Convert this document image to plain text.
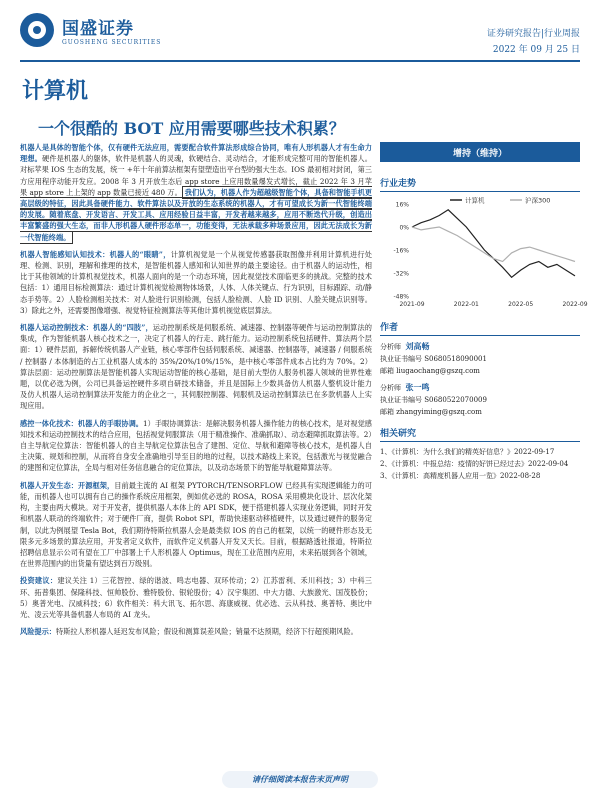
国盛证券
GUOSHENG SECURITIES
证券研究报告|行业周报
2022 年 09 月 25 日
计算机
一个很酷的 BOT 应用需要哪些技术积累？

机器人是具体的智能个体，仅有硬件无法应用，需要配合软件算法形成综合协同，唯有人形机器人才有生命力理想。硬件是机器人的躯体，软件是机器人的灵魂，软硬结合、灵动结合，才能形成完整可用的智能机器人。对标苹果 IOS 生态的发展，统一 +年十年前算法框架有望塑造出平台型的强大生态。IOS 最初相对封闭，第三方应用程序动能开发应。2008 年 3 月开放生态后 app store 上应用数量爆发式增长，截止 2022 年 3 月苹果 app store 上上架的 app 数量已接近 480 万。 我们认为，机器人作为超越级智能个体，具备和智能手机更高层级的特征，因此具备硬件能力、软件算法以及开放的生态系统的机器人，才有可望成长为新一代智能终端的发展。随着底盘、开发语言、开发工具、应用经验日益丰富，开发者越来越多，应用不断迭代升级，创造出丰富繁盛的强大生态，而非人形机器人硬件形态单一，功能变得，无法承载多种场景应用，因此无法成长为新一代智能终端。

机器人智能感知认知技术：机器人的“眼睛”，计算机视觉是一个从视觉传感器获取图像并利用计算机进行处理、检测、识别，理解和推理的技术，是智能机器人感知和认知世界的最主要途径。由于机器人的运动性，相比于其他领域的计算机视觉技术，机器人面向的是一个动态环境，因此视觉技术面临更多的挑战。完整的技术包括：1）通用目标检测算法：通过计算机视觉检测物体场景，人体、人体关键点、行为识别，目标跟踪、动/静态手势等。2）人脸检测相关技术：对人脸进行识别检测，包括人脸检测、人脸 ID 识别、人脸关键点识别等。3）除此之外，还需要图像增强、视觉特征检测算法等其他计算机视觉底层算法。

机器人运动控制技术：机器人的“四肢”，运动控制系统是伺服系统、减速器、控制器等硬件与运动控制算法的集成，作为智能机器人核心技术之一，决定了机器人的行走、跳行能力。运动控制系统包括硬件、算法两个层面：1）硬件层面，拆解传统机器人产业链，核心零部件包括伺服系统、减速器、控制器等，减速器 / 伺服系统 / 控制器 / 本体制造的占工业机器人成本的 35%/20%/10%/15%，是中核心零部件成本占比约为 70%。2）算法层面：运动控制算法是智能机器人实现运动智能的核心基础，是目前大型仿人服务机器人领域的世界性难题，以优必选为例，公司已具备运控硬件多项自研技术储备，并且是国际上少数具备仿人机器人整机设计能力及仿人机器人运动控制算法开发能力的企业之一，其伺服控制器、伺服机及运动控制算法已在多款机器人上实现应用。

感控一体化技术：机器人的手眼协调。1）手眼协调算法：是解决服务机器人操作能力的核心技术，是对视觉感知技术和运动控制技术的结合应用，包括视觉伺服算法（用于精准操作、准确抓取）、动态避障抓取算法等。2）自主导航定位算法：智能机器人的自主导航定位算法包含了建图、定位、导航和避障等核心技术，是机器人自主决策、规划和控制，从而将自身安全准确地引导至目的地的过程，以技术路线上来说，包括激光与视觉融合的建图和定位算法，全局与相对任务信息融合的定位算法，以及动态场景下的智能导航避障算法等。

机器人开发生态：开源框架，目前最主流的 AI 框架 PYTORCH/TENSORFLOW 已经具有实现逻辑能力的可能，而机器人也可以拥有自己的操作系统应用框架，例如优必选的 ROSA，ROSA 采用模块化设计、层次化架构，主要由两大模块。对于开发者，提供机器人本体上的 API SDK，便于搭建机器人实现业务逻辑，同时开发和机器人联动的终端软件；对于硬件厂商，提供 Robot SPI，帮助快速驱动移植硬件，以及通过硬件的服务定制，以此为例展望 Tesla Bot，我们期待特斯拉机器人会是最类似 IOS 的自己的框架，以统一的硬件形态及无限多元多场景的算法应用，开发者定义软件，而软件定义机器人开发又天长。目前，根据路透社报道，特斯拉招聘信息显示公司有望在工厂中部署上千人形机器人 Optimus，现在工业范围内应用，未来拓展到各个领域，在世界范围内的出货量有望达到百万级别。

投资建议：建议关注 1）三花智控、绿的谐波、鸣志电器、双环传动；2）江苏雷利、禾川科技；3）中科三环、拓普集团、保隆科技、恒帅股份、雅特股份、银轮股份；4）汉宇集团、中大力德、大族激光、国茂股份；5）奥普光电、汉威科技；6）软件相关：科大讯飞、拓尔思、海康威视、优必选、云从科技、奥普特、奥比中光、凌云光等具备机器人布局的 AI 龙头。

风险提示：特斯拉人形机器人延迟发布风险；假设和测算误差风险；销量不达预期，经济下行超预期风险。

增持（维持）
行业走势
16%
0%
-16%
-32%
-48%
2021-09	2022-01	2022-05	2022-09
计算机	沪深300
作者
分析师 刘高畅
执业证书编号 S0680518090001
邮箱 liugaochang@gszq.com
分析师 张一鸣
执业证书编号 S0680522070009
邮箱 zhangyiming@gszq.com
相关研究
1、《计算机：为什么我们的精英好信息？》2022-09-17
2、《计算机：中报总结：疫情的好饼已经过去》2022-09-04
3、《计算机：高精度机器人应用一览》2022-08-28
请仔细阅读本报告末页声明
